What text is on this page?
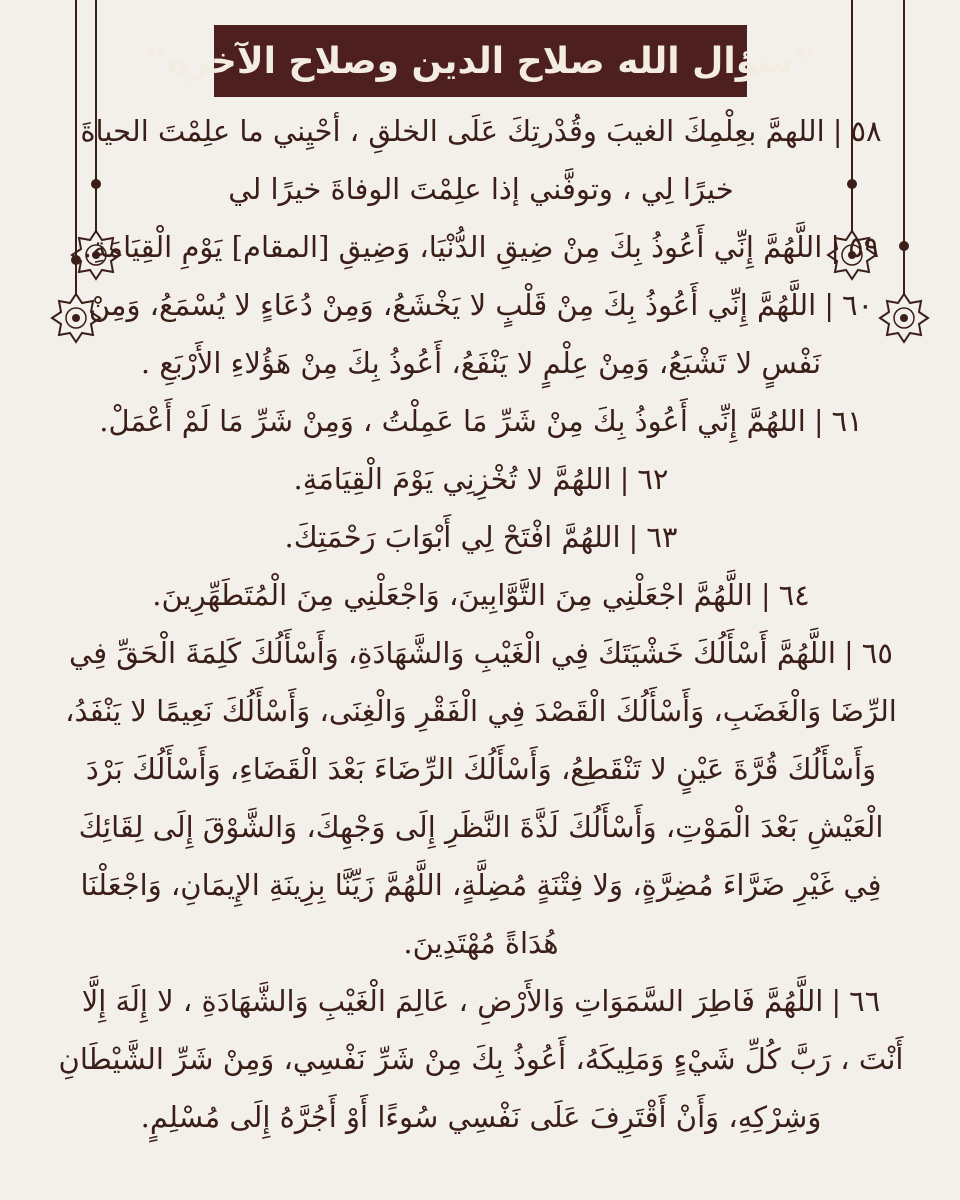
“سؤال الله صلاح الدين وصلاح الآخرة”

٥٨|اللهمَّ بعِلْمِكَ الغيبَ وقُدْرتِكَ عَلَى الخلقِ ، أحْيِني ما علِمْتَ الحياةَ خيرًا لِي ، وتوفَّني إذا علِمْتَ الوفاةَ خيرًا لي

٥٩|اللَّهُمَّ إِنِّي أَعُوذُ بِكَ مِنْ ضِيقِ الدُّنْيَا، وَضِيقِ [المقام] يَوْمِ الْقِيَامَةِ.

٦٠|اللَّهُمَّ إِنِّي أَعُوذُ بِكَ مِنْ قَلْبٍ لا يَخْشَعُ، وَمِنْ دُعَاءٍ لا يُسْمَعُ، وَمِنْ نَفْسٍ لا تَشْبَعُ، وَمِنْ عِلْمٍ لا يَنْفَعُ، أَعُوذُ بِكَ مِنْ هَؤُلاءِ الأَرْبَعِ .

٦١|اللهُمَّ إِنِّي أَعُوذُ بِكَ مِنْ شَرِّ مَا عَمِلْتُ ، وَمِنْ شَرِّ مَا لَمْ أَعْمَلْ.

٦٢|اللهُمَّ لا تُخْزِنِي يَوْمَ الْقِيَامَةِ.

٦٣|اللهُمَّ افْتَحْ لِي أَبْوَابَ رَحْمَتِكَ.

٦٤|اللَّهُمَّ اجْعَلْنِي مِنَ التَّوَّابِينَ، وَاجْعَلْنِي مِنَ الْمُتَطَهِّرِينَ.

٦٥|اللَّهُمَّ أَسْأَلُكَ خَشْيَتَكَ فِي الْغَيْبِ وَالشَّهَادَةِ، وَأَسْأَلُكَ كَلِمَةَ الْحَقِّ فِي الرِّضَا وَالْغَضَبِ، وَأَسْأَلُكَ الْقَصْدَ فِي الْفَقْرِ وَالْغِنَى، وَأَسْأَلُكَ نَعِيمًا لا يَنْفَدُ، وَأَسْأَلُكَ قُرَّةَ عَيْنٍ لا تَنْقَطِعُ، وَأَسْأَلُكَ الرِّضَاءَ بَعْدَ الْقَضَاءِ، وَأَسْأَلُكَ بَرْدَ الْعَيْشِ بَعْدَ الْمَوْتِ، وَأَسْأَلُكَ لَذَّةَ النَّظَرِ إِلَى وَجْهِكَ، وَالشَّوْقَ إِلَى لِقَائِكَ فِي غَيْرِ ضَرَّاءَ مُضِرَّةٍ، وَلا فِتْنَةٍ مُضِلَّةٍ، اللَّهُمَّ زَيِّنَّا بِزِينَةِ الإِيمَانِ، وَاجْعَلْنَا هُدَاةً مُهْتَدِينَ.

٦٦|اللَّهُمَّ فَاطِرَ السَّمَوَاتِ وَالأَرْضِ ، عَالِمَ الْغَيْبِ وَالشَّهَادَةِ ، لا إِلَهَ إِلَّا أَنْتَ ، رَبَّ كُلِّ شَيْءٍ وَمَلِيكَهُ، أَعُوذُ بِكَ مِنْ شَرِّ نَفْسِي، وَمِنْ شَرِّ الشَّيْطَانِ وَشِرْكِهِ، وَأَنْ أَقْتَرِفَ عَلَى نَفْسِي سُوءًا أَوْ أَجُرَّهُ إِلَى مُسْلِمٍ.
